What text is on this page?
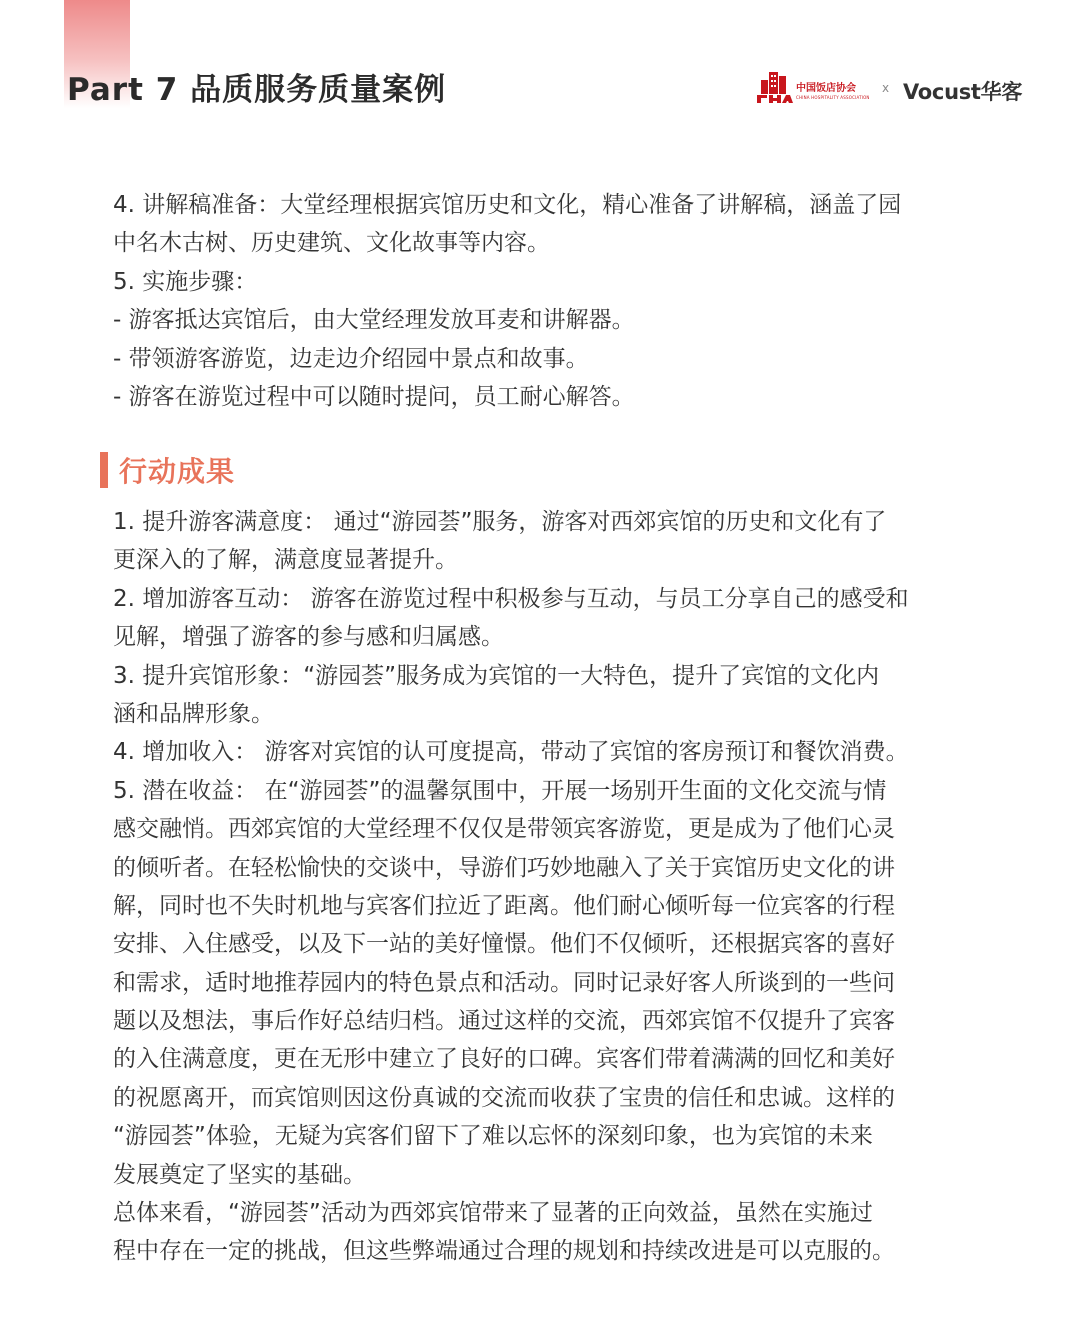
Part 7 品质服务质量案例	中国饭店协会
CHINA HOSPITALITY ASSOCIATION
x Vocust华客
4. 讲解稿准备：大堂经理根据宾馆历史和文化，精心准备了讲解稿，涵盖了园
中名木古树、历史建筑、文化故事等内容。
5. 实施步骤：
- 游客抵达宾馆后，由大堂经理发放耳麦和讲解器。
- 带领游客游览，边走边介绍园中景点和故事。
- 游客在游览过程中可以随时提问，员工耐心解答。
行动成果
1. 提升游客满意度： 通过“游园荟”服务，游客对西郊宾馆的历史和文化有了
更深入的了解，满意度显著提升。
2. 增加游客互动： 游客在游览过程中积极参与互动，与员工分享自己的感受和
见解，增强了游客的参与感和归属感。
3. 提升宾馆形象：“游园荟”服务成为宾馆的一大特色，提升了宾馆的文化内
涵和品牌形象。
4. 增加收入： 游客对宾馆的认可度提高，带动了宾馆的客房预订和餐饮消费。
5. 潜在收益： 在“游园荟”的温馨氛围中，开展一场别开生面的文化交流与情
感交融悄。西郊宾馆的大堂经理不仅仅是带领宾客游览，更是成为了他们心灵
的倾听者。在轻松愉快的交谈中，导游们巧妙地融入了关于宾馆历史文化的讲
解，同时也不失时机地与宾客们拉近了距离。他们耐心倾听每一位宾客的行程
安排、入住感受，以及下一站的美好憧憬。他们不仅倾听，还根据宾客的喜好
和需求，适时地推荐园内的特色景点和活动。同时记录好客人所谈到的一些问
题以及想法，事后作好总结归档。通过这样的交流，西郊宾馆不仅提升了宾客
的入住满意度，更在无形中建立了良好的口碑。宾客们带着满满的回忆和美好
的祝愿离开，而宾馆则因这份真诚的交流而收获了宝贵的信任和忠诚。这样的
“游园荟”体验，无疑为宾客们留下了难以忘怀的深刻印象，也为宾馆的未来
发展奠定了坚实的基础。
总体来看，“游园荟”活动为西郊宾馆带来了显著的正向效益，虽然在实施过
程中存在一定的挑战，但这些弊端通过合理的规划和持续改进是可以克服的。
